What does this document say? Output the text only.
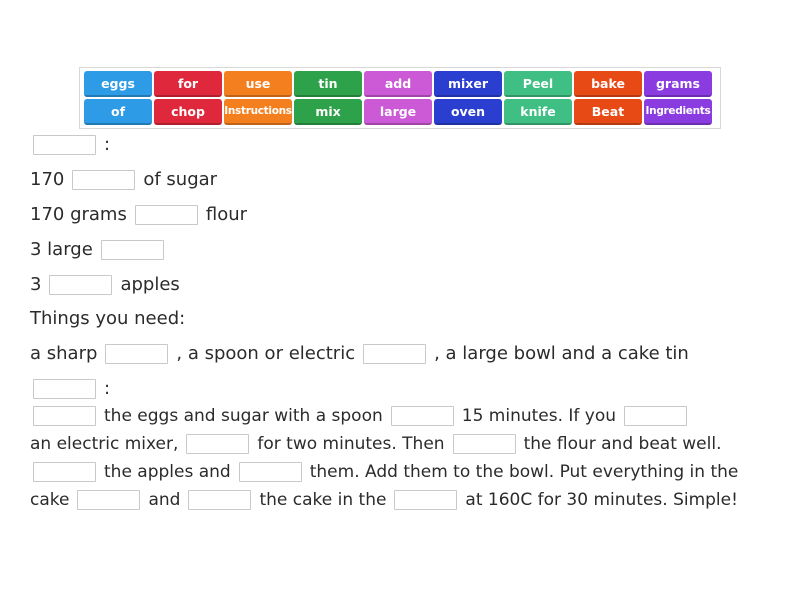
eggs	for	use	tin	add	mixer	Peel	bake	grams
of	chop	Instructions	mix	large	oven	knife	Beat	Ingredients
:
170	of sugar
170 grams	flour
3 large
3	apples
Things you need:
a sharp	, a spoon or electric	, a large bowl and a cake tin
:
the eggs and sugar with a spoon	15 minutes. If you
an electric mixer,	for two minutes. Then	the flour and beat well.
the apples and	them. Add them to the bowl. Put everything in the
cake	and	the cake in the	at 160C for 30 minutes. Simple!
